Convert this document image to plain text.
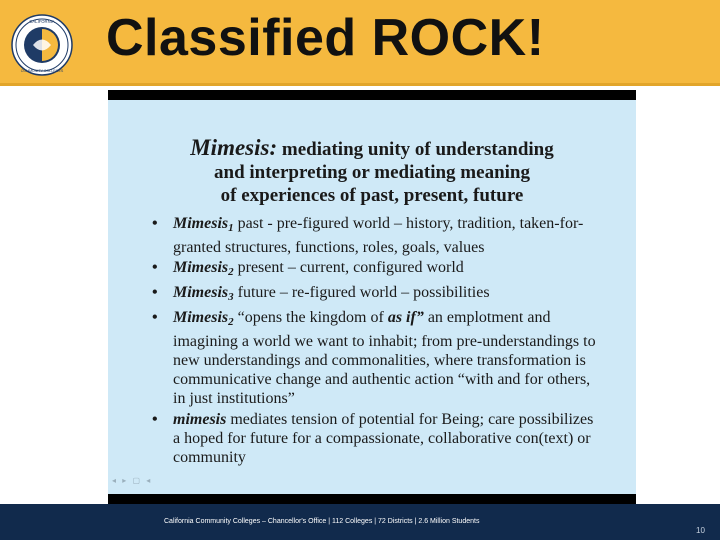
CALIFORNIA
COMMUNITY COLLEGES
Classified ROCK!
Mimesis: mediating unity of understanding
and interpreting or mediating meaning
of experiences of past, present, future
• Mimesis$_1$ past - pre-figured world – history, tradition, taken-for-granted structures, functions, roles, goals, values
• Mimesis$_2$ present – current, configured world
• Mimesis$_3$ future – re-figured world – possibilities
• Mimesis$_2$ “opens the kingdom of as if” an emplotment and imagining a world we want to inhabit; from pre-understandings to new understandings and commonalities, where transformation is communicative change and authentic action “with and for others, in just institutions”
• mimesis mediates tension of potential for Being; care possibilizes a hoped for future for a compassionate, collaborative con(text) or community
◂ ▸ ▢ ◂
California Community Colleges – Chancellor's Office | 112 Colleges | 72 Districts | 2.6 Million Students
10
